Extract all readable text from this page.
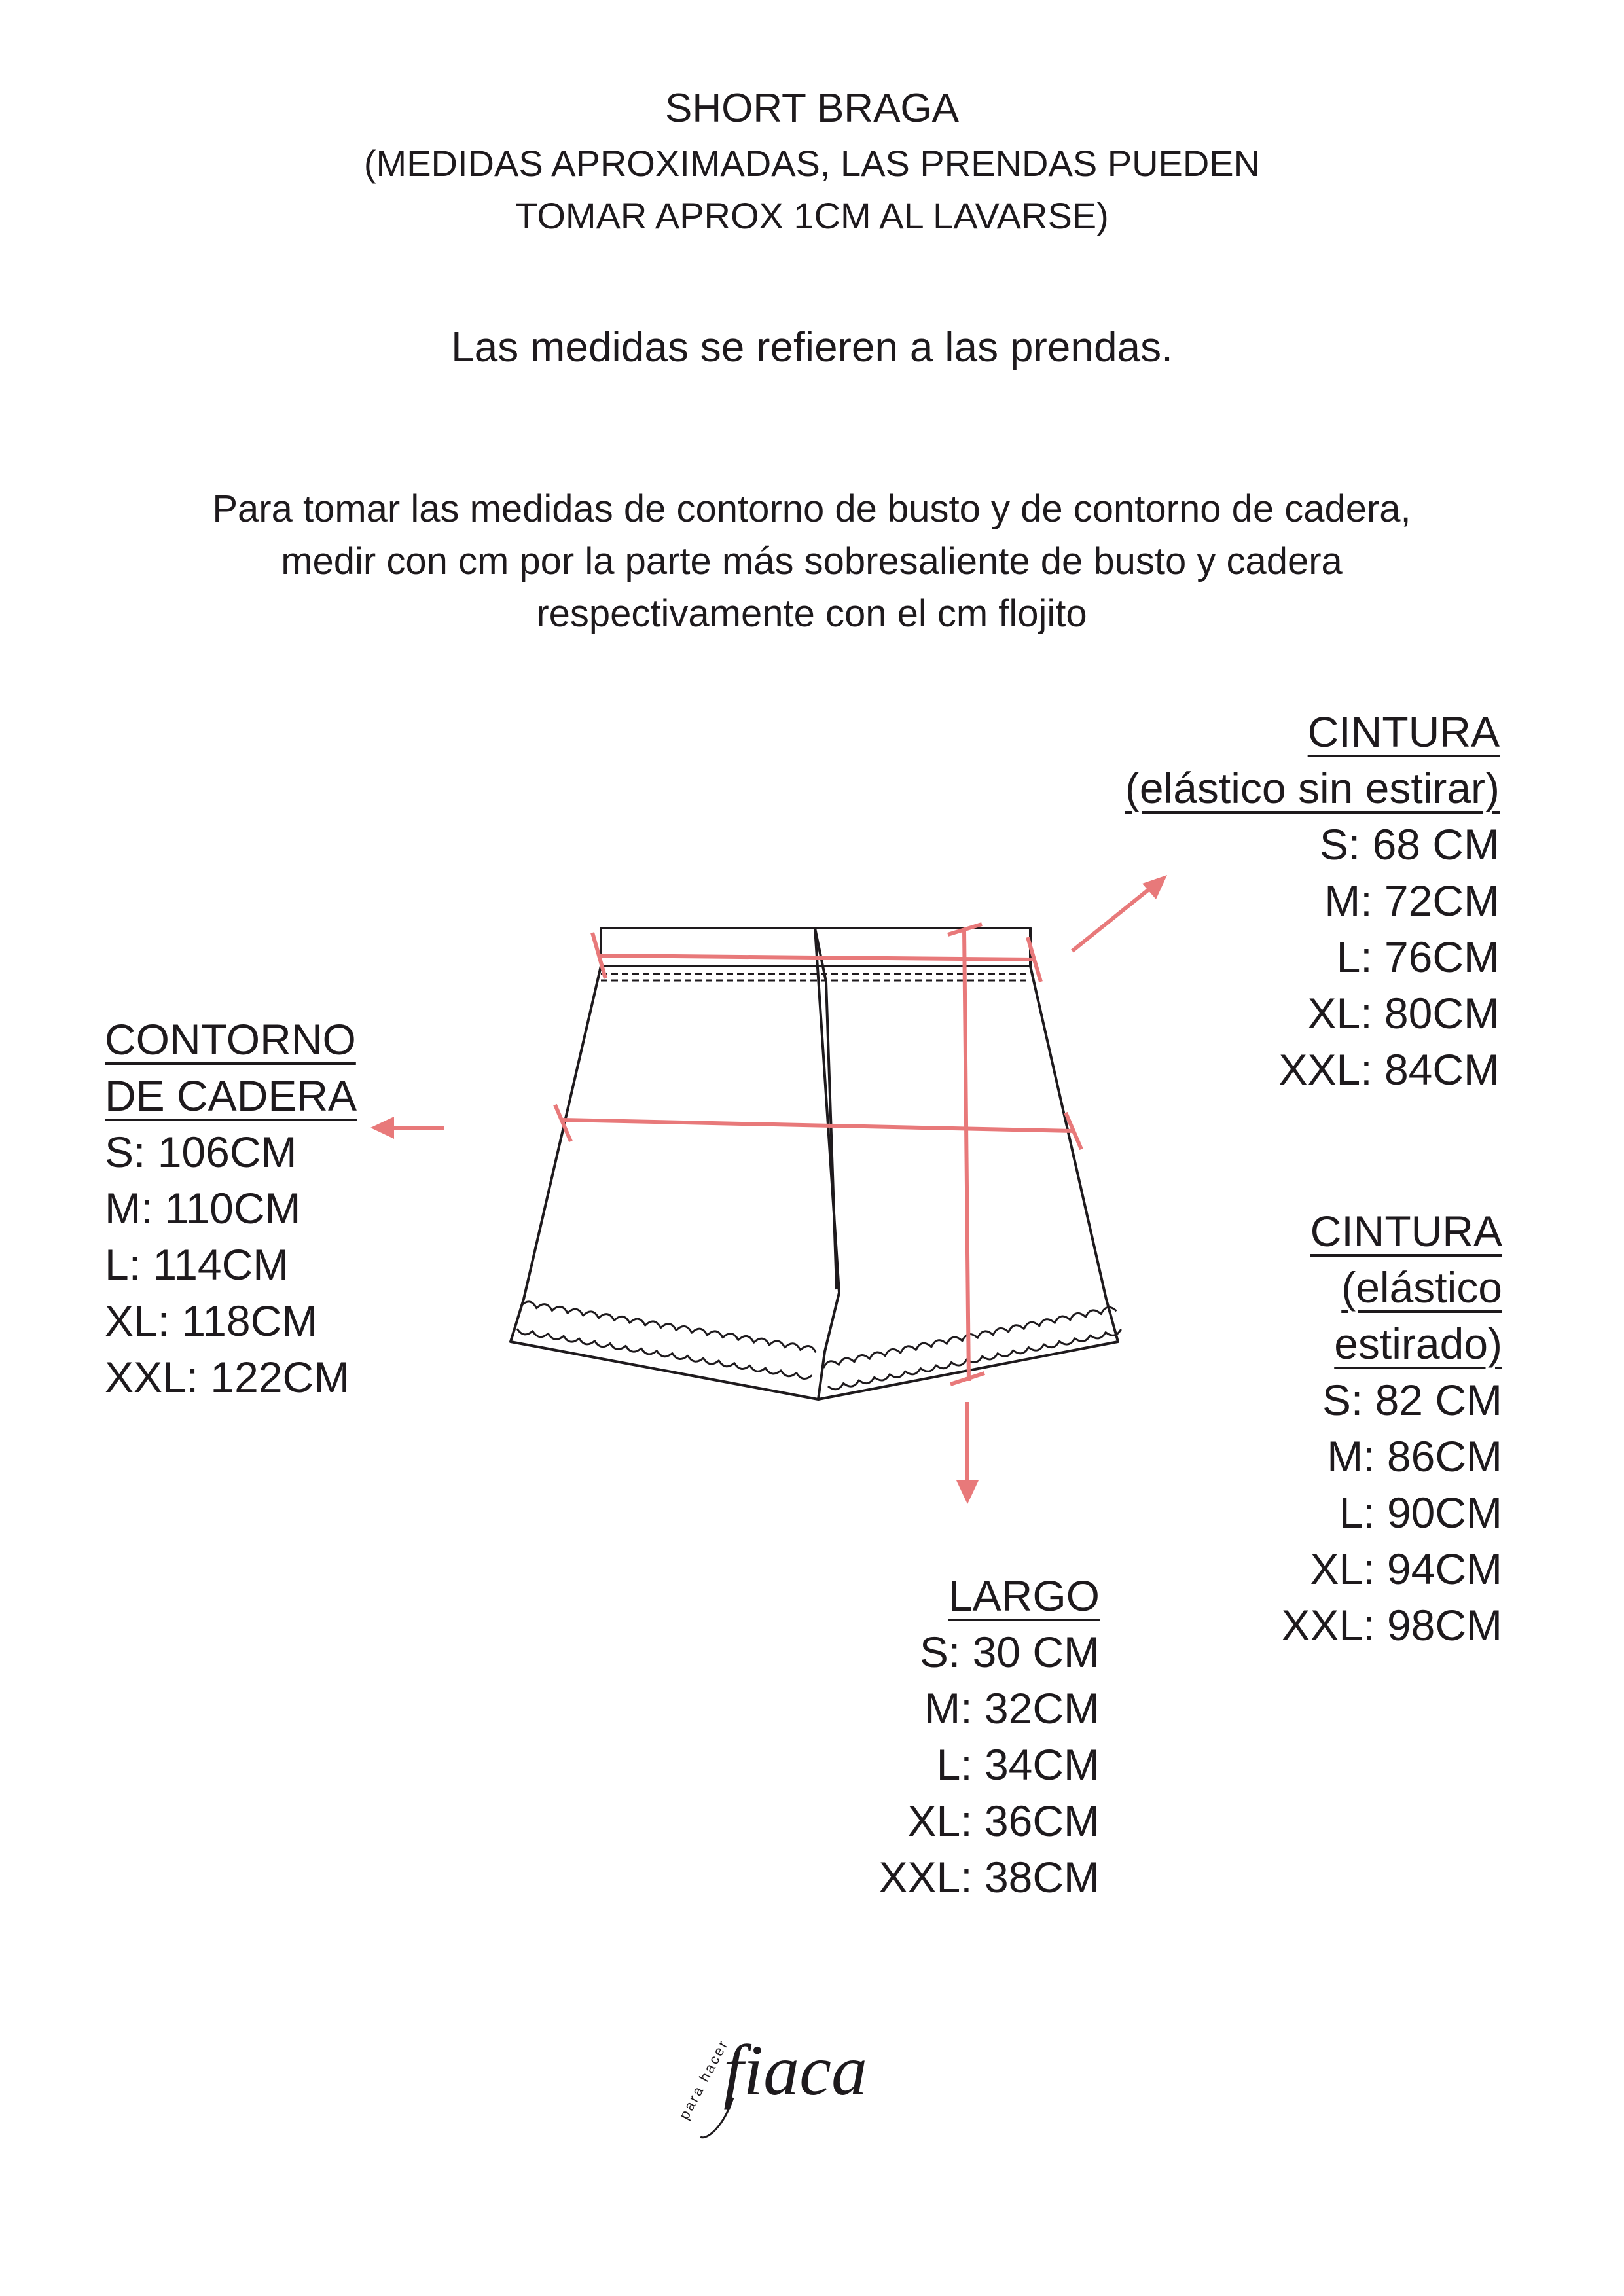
SHORT BRAGA
(MEDIDAS APROXIMADAS, LAS PRENDAS PUEDEN
TOMAR APROX 1CM AL LAVARSE)
Las medidas se refieren a las prendas.
Para tomar las medidas de contorno de busto y de contorno de cadera, medir con cm por la parte más sobresaliente de busto y cadera respectivamente con el cm flojito
CINTURA
(elástico sin estirar)
S: 68 CM
M: 72CM
L: 76CM
XL: 80CM
XXL: 84CM
CONTORNO
DE CADERA
S: 106CM
M: 110CM
L: 114CM
XL: 118CM
XXL: 122CM
CINTURA
(elástico
estirado)
S: 82 CM
M: 86CM
L: 90CM
XL: 94CM
XXL: 98CM
LARGO
S: 30 CM
M: 32CM
L: 34CM
XL: 36CM
XXL: 38CM
para hacer
fiaca
